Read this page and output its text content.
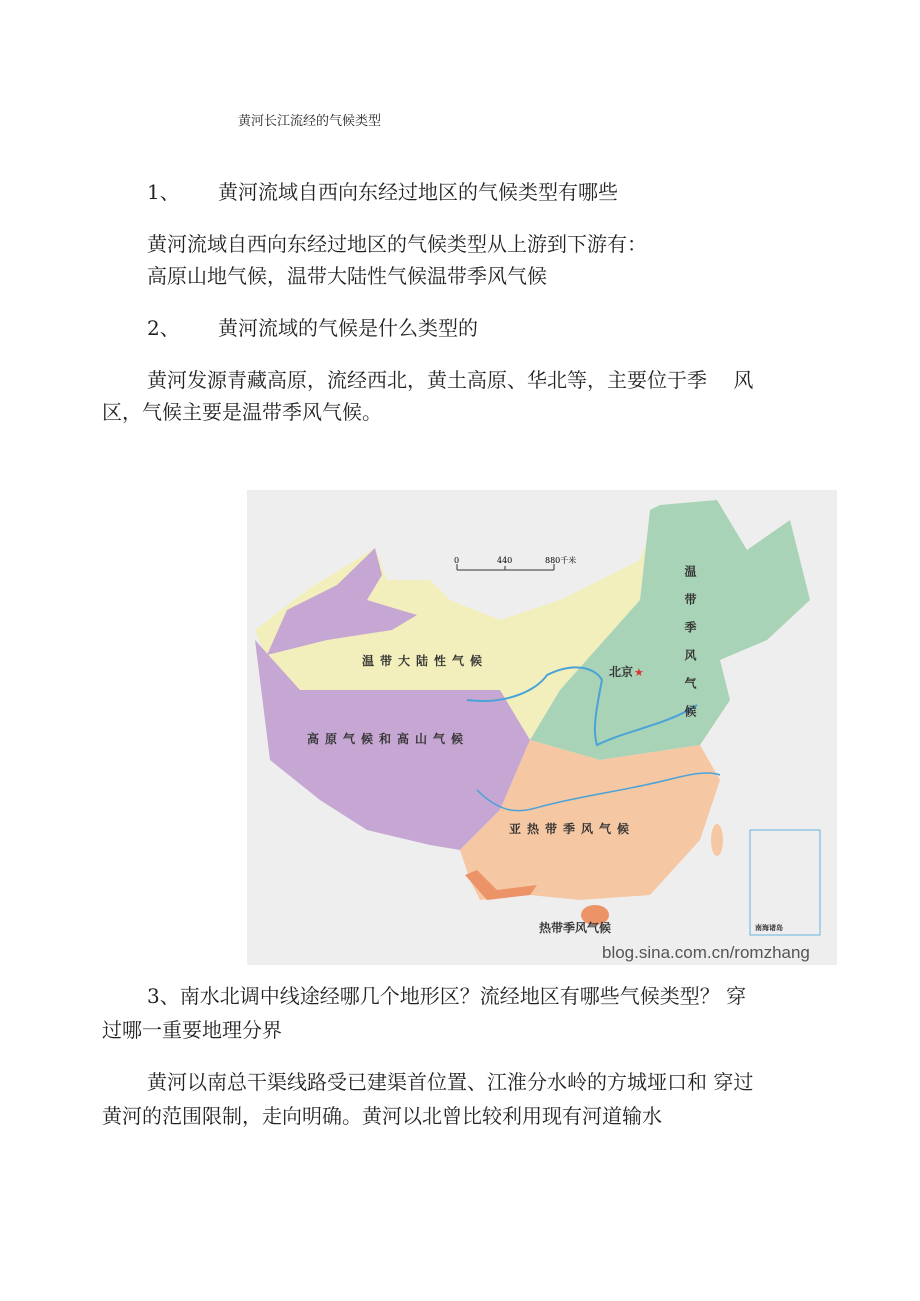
黄河长江流经的气候类型
1、 黄河流域自西向东经过地区的气候类型有哪些
黄河流域自西向东经过地区的气候类型从上游到下游有：
高原山地气候，温带大陆性气候温带季风气候
2、 黄河流域的气候是什么类型的
黄河发源青藏高原，流经西北，黄土高原、华北等，主要位于季　 风
区，气候主要是温带季风气候。
南海诸岛
0	440	880千米
温带大陆性气候
高原气候和高山气候
亚热带季风气候
热带季风气候
温带季风气候
北京 ★
blog.sina.com.cn/romzhang
3、南水北调中线途经哪几个地形区？流经地区有哪些气候类型？ 穿
过哪一重要地理分界
黄河以南总干渠线路受已建渠首位置、江淮分水岭的方城垭口和 穿过
黄河的范围限制，走向明确。黄河以北曾比较利用现有河道输水
